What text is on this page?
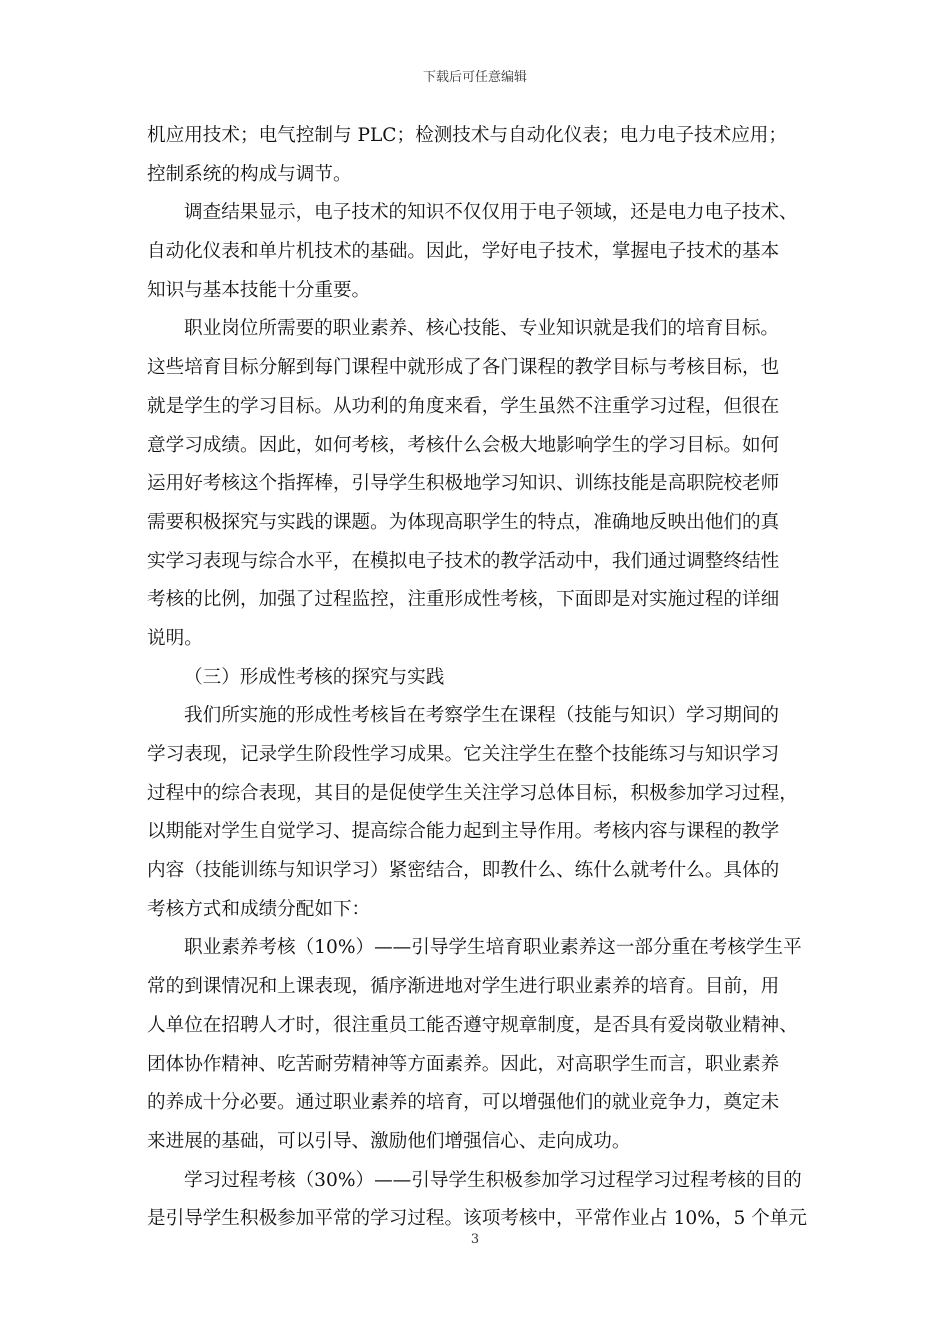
下载后可任意编辑
机应用技术；电气控制与 PLC；检测技术与自动化仪表；电力电子技术应用；
控制系统的构成与调节。
调查结果显示，电子技术的知识不仅仅用于电子领域，还是电力电子技术、
自动化仪表和单片机技术的基础。因此，学好电子技术，掌握电子技术的基本
知识与基本技能十分重要。
职业岗位所需要的职业素养、核心技能、专业知识就是我们的培育目标。
这些培育目标分解到每门课程中就形成了各门课程的教学目标与考核目标，也
就是学生的学习目标。从功利的角度来看，学生虽然不注重学习过程，但很在
意学习成绩。因此，如何考核，考核什么会极大地影响学生的学习目标。如何
运用好考核这个指挥棒，引导学生积极地学习知识、训练技能是高职院校老师
需要积极探究与实践的课题。为体现高职学生的特点，准确地反映出他们的真
实学习表现与综合水平，在模拟电子技术的教学活动中，我们通过调整终结性
考核的比例，加强了过程监控，注重形成性考核，下面即是对实施过程的详细
说明。
（三）形成性考核的探究与实践
我们所实施的形成性考核旨在考察学生在课程（技能与知识）学习期间的
学习表现，记录学生阶段性学习成果。它关注学生在整个技能练习与知识学习
过程中的综合表现，其目的是促使学生关注学习总体目标，积极参加学习过程，
以期能对学生自觉学习、提高综合能力起到主导作用。考核内容与课程的教学
内容（技能训练与知识学习）紧密结合，即教什么、练什么就考什么。具体的
考核方式和成绩分配如下：
职业素养考核（10%）——引导学生培育职业素养这一部分重在考核学生平
常的到课情况和上课表现，循序渐进地对学生进行职业素养的培育。目前，用
人单位在招聘人才时，很注重员工能否遵守规章制度，是否具有爱岗敬业精神、
团体协作精神、吃苦耐劳精神等方面素养。因此，对高职学生而言，职业素养
的养成十分必要。通过职业素养的培育，可以增强他们的就业竞争力，奠定未
来进展的基础，可以引导、激励他们增强信心、走向成功。
学习过程考核（30%）——引导学生积极参加学习过程学习过程考核的目的
是引导学生积极参加平常的学习过程。该项考核中，平常作业占 10%，5 个单元
3
